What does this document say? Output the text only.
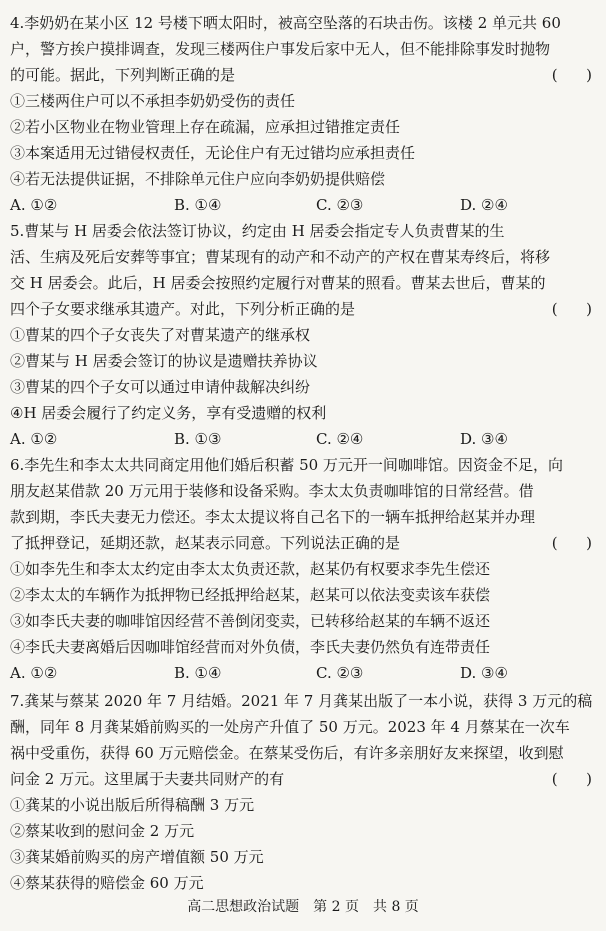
4.李奶奶在某小区 12 号楼下晒太阳时，被高空坠落的石块击伤。该楼 2 单元共 60
户，警方挨户摸排调查，发现三楼两住户事发后家中无人，但不能排除事发时抛物
的可能。据此，下列判断正确的是	(      )
①三楼两住户可以不承担李奶奶受伤的责任
②若小区物业在物业管理上存在疏漏，应承担过错推定责任
③本案适用无过错侵权责任，无论住户有无过错均应承担责任
④若无法提供证据，不排除单元住户应向李奶奶提供赔偿
A. ①②	B. ①④	C. ②③	D. ②④
5.曹某与 H 居委会依法签订协议，约定由 H 居委会指定专人负责曹某的生
活、生病及死后安葬等事宜；曹某现有的动产和不动产的产权在曹某寿终后，将移
交 H 居委会。此后，H 居委会按照约定履行对曹某的照看。曹某去世后，曹某的
四个子女要求继承其遗产。对此，下列分析正确的是	(      )
①曹某的四个子女丧失了对曹某遗产的继承权
②曹某与 H 居委会签订的协议是遗赠扶养协议
③曹某的四个子女可以通过申请仲裁解决纠纷
④H 居委会履行了约定义务，享有受遗赠的权利
A. ①②	B. ①③	C. ②④	D. ③④
6.李先生和李太太共同商定用他们婚后积蓄 50 万元开一间咖啡馆。因资金不足，向
朋友赵某借款 20 万元用于装修和设备采购。李太太负责咖啡馆的日常经营。借
款到期，李氏夫妻无力偿还。李太太提议将自己名下的一辆车抵押给赵某并办理
了抵押登记，延期还款，赵某表示同意。下列说法正确的是	(      )
①如李先生和李太太约定由李太太负责还款，赵某仍有权要求李先生偿还
②李太太的车辆作为抵押物已经抵押给赵某，赵某可以依法变卖该车获偿
③如李氏夫妻的咖啡馆因经营不善倒闭变卖，已转移给赵某的车辆不返还
④李氏夫妻离婚后因咖啡馆经营而对外负债，李氏夫妻仍然负有连带责任
A. ①②	B. ①④	C. ②③	D. ③④
7.龚某与蔡某 2020 年 7 月结婚。2021 年 7 月龚某出版了一本小说，获得 3 万元的稿
酬，同年 8 月龚某婚前购买的一处房产升值了 50 万元。2023 年 4 月蔡某在一次车
祸中受重伤，获得 60 万元赔偿金。在蔡某受伤后，有许多亲朋好友来探望，收到慰
问金 2 万元。这里属于夫妻共同财产的有	(      )
①龚某的小说出版后所得稿酬 3 万元
②蔡某收到的慰问金 2 万元
③龚某婚前购买的房产增值额 50 万元
④蔡某获得的赔偿金 60 万元
高二思想政治试题　第 2 页　共 8 页
